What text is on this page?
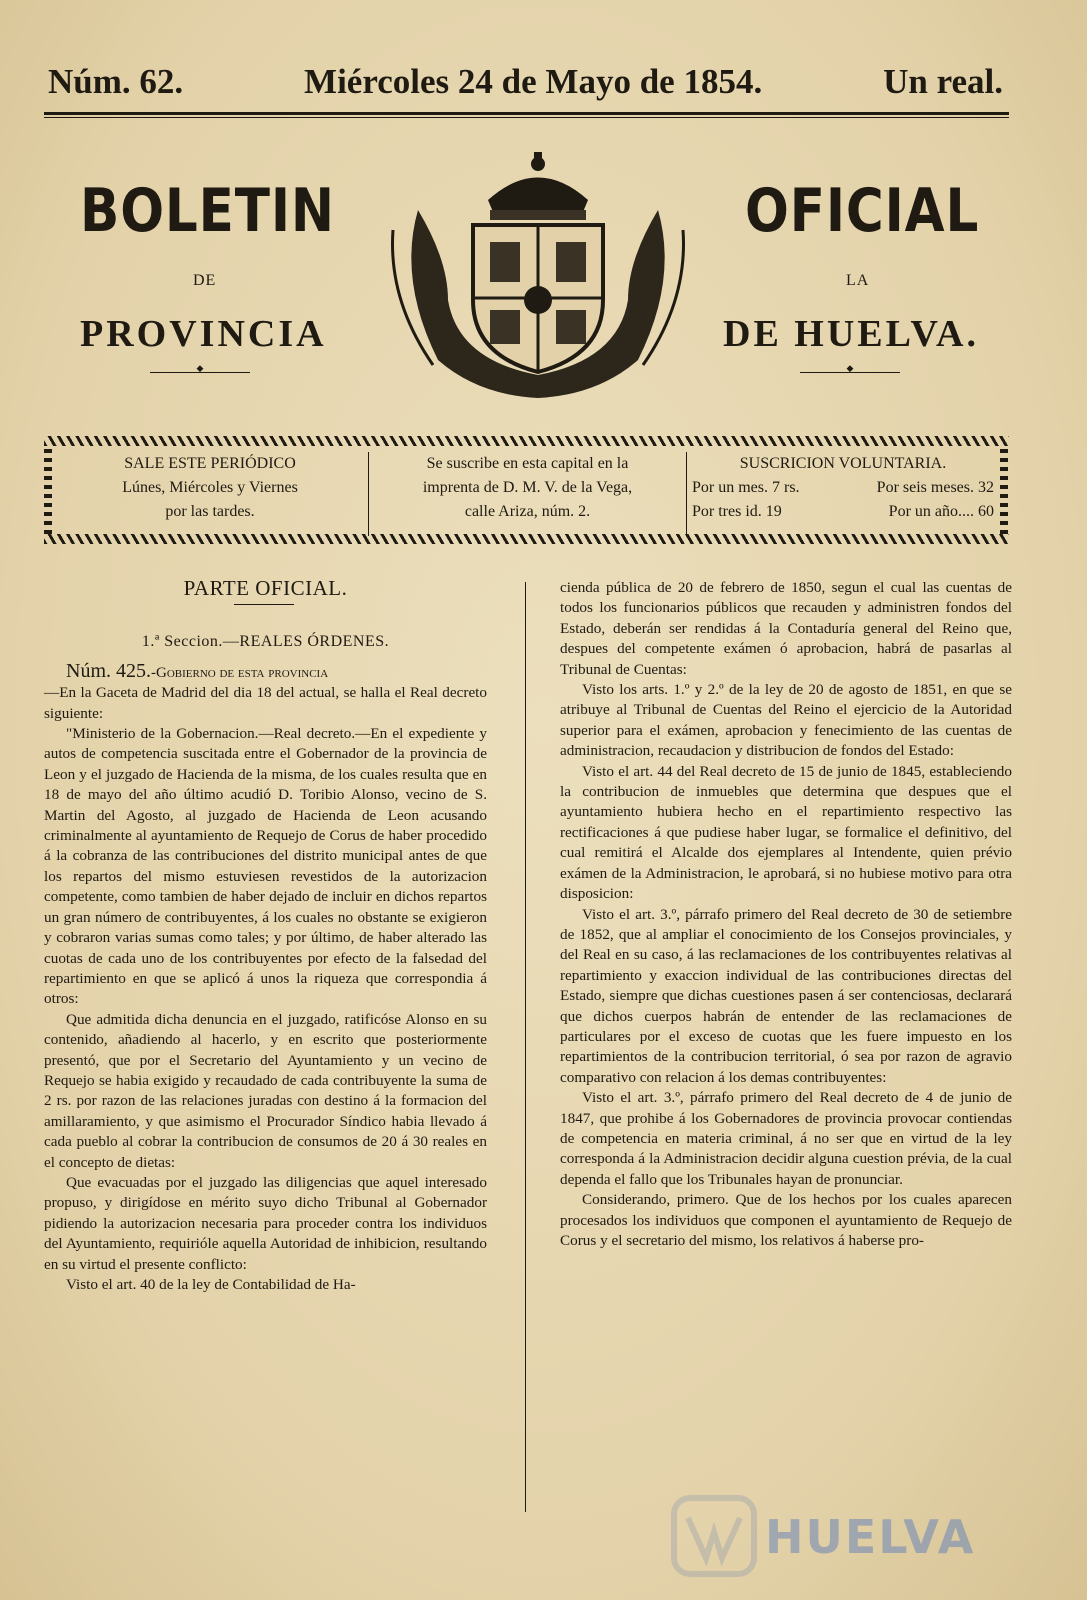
Núm. 62.	Miércoles 24 de Mayo de 1854.	Un real.
BOLETIN	OFICIAL
DE	LA
PROVINCIA	DE HUELVA.
◆
◆
SALE ESTE PERIÓDICO
Lúnes, Miércoles y Viernes
por las tardes.
Se suscribe en esta capital en la
imprenta de D. M. V. de la Vega,
calle Ariza, núm. 2.
SUSCRICION VOLUNTARIA.
Por un mes. 7 rs.	Por seis meses. 32
Por tres id. 19	Por un año.... 60
PARTE OFICIAL.
1.ª Seccion.—REALES ÓRDENES.

Núm. 425.-Gobierno de esta provincia

—En la Gaceta de Madrid del dia 18 del actual, se halla el Real decreto siguiente:

"Ministerio de la Gobernacion.—Real decreto.—En el expediente y autos de competencia suscitada entre el Gobernador de la provincia de Leon y el juzgado de Hacienda de la misma, de los cuales resulta que en 18 de mayo del año último acudió D. Toribio Alonso, vecino de S. Martin del Agosto, al juzgado de Hacienda de Leon acusando criminalmente al ayuntamiento de Requejo de Corus de haber procedido á la cobranza de las contribuciones del distrito municipal antes de que los repartos del mismo estuviesen revestidos de la autorizacion competente, como tambien de haber dejado de incluir en dichos repartos un gran número de contribuyentes, á los cuales no obstante se exigieron y cobraron varias sumas como tales; y por último, de haber alterado las cuotas de cada uno de los contribuyentes por efecto de la falsedad del repartimiento en que se aplicó á unos la riqueza que correspondia á otros:

Que admitida dicha denuncia en el juzgado, ratificóse Alonso en su contenido, añadiendo al hacerlo, y en escrito que posteriormente presentó, que por el Secretario del Ayuntamiento y un vecino de Requejo se habia exigido y recaudado de cada contribuyente la suma de 2 rs. por razon de las relaciones juradas con destino á la formacion del amillaramiento, y que asimismo el Procurador Síndico habia llevado á cada pueblo al cobrar la contribucion de consumos de 20 á 30 reales en el concepto de dietas:

Que evacuadas por el juzgado las diligencias que aquel interesado propuso, y dirigídose en mérito suyo dicho Tribunal al Gobernador pidiendo la autorizacion necesaria para proceder contra los individuos del Ayuntamiento, requirióle aquella Autoridad de inhibicion, resultando en su virtud el presente conflicto:

Visto el art. 40 de la ley de Contabilidad de Ha-

cienda pública de 20 de febrero de 1850, segun el cual las cuentas de todos los funcionarios públicos que recauden y administren fondos del Estado, deberán ser rendidas á la Contaduría general del Reino que, despues del competente exámen ó aprobacion, habrá de pasarlas al Tribunal de Cuentas:

Visto los arts. 1.º y 2.º de la ley de 20 de agosto de 1851, en que se atribuye al Tribunal de Cuentas del Reino el ejercicio de la Autoridad superior para el exámen, aprobacion y fenecimiento de las cuentas de administracion, recaudacion y distribucion de fondos del Estado:

Visto el art. 44 del Real decreto de 15 de junio de 1845, estableciendo la contribucion de inmuebles que determina que despues que el ayuntamiento hubiera hecho en el repartimiento respectivo las rectificaciones á que pudiese haber lugar, se formalice el definitivo, del cual remitirá el Alcalde dos ejemplares al Intendente, quien prévio exámen de la Administracion, le aprobará, si no hubiese motivo para otra disposicion:

Visto el art. 3.º, párrafo primero del Real decreto de 30 de setiembre de 1852, que al ampliar el conocimiento de los Consejos provinciales, y del Real en su caso, á las reclamaciones de los contribuyentes relativas al repartimiento y exaccion individual de las contribuciones directas del Estado, siempre que dichas cuestiones pasen á ser contenciosas, declarará que dichos cuerpos habrán de entender de las reclamaciones de particulares por el exceso de cuotas que les fuere impuesto en los repartimientos de la contribucion territorial, ó sea por razon de agravio comparativo con relacion á los demas contribuyentes:

Visto el art. 3.º, párrafo primero del Real decreto de 4 de junio de 1847, que prohibe á los Gobernadores de provincia provocar contiendas de competencia en materia criminal, á no ser que en virtud de la ley corresponda á la Administracion decidir alguna cuestion prévia, de la cual dependa el fallo que los Tribunales hayan de pronunciar.

Considerando, primero. Que de los hechos por los cuales aparecen procesados los individuos que componen el ayuntamiento de Requejo de Corus y el secretario del mismo, los relativos á haberse pro-

HUELVA
